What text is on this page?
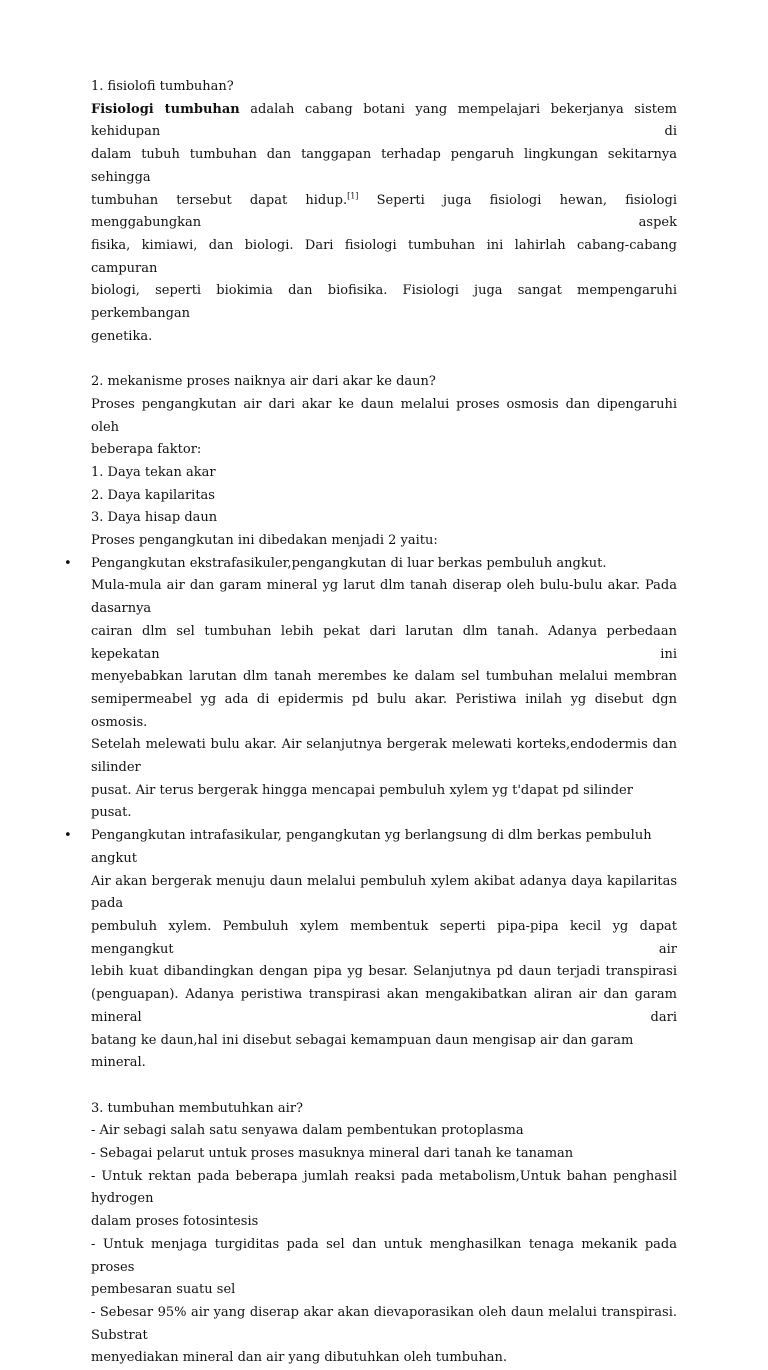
1. fisiolofi tumbuhan?

Fisiologi tumbuhan adalah cabang botani yang mempelajari bekerjanya sistem kehidupan di

dalam tubuh tumbuhan dan tanggapan terhadap pengaruh lingkungan sekitarnya sehingga

tumbuhan tersebut dapat hidup.[1] Seperti juga fisiologi hewan, fisiologi menggabungkan aspek

fisika, kimiawi, dan biologi. Dari fisiologi tumbuhan ini lahirlah cabang-cabang campuran

biologi, seperti biokimia dan biofisika. Fisiologi juga sangat mempengaruhi perkembangan

genetika.

2. mekanisme proses naiknya air dari akar ke daun?

Proses pengangkutan air dari akar ke daun melalui proses osmosis dan dipengaruhi oleh

beberapa faktor:

1. Daya tekan akar

2. Daya kapilaritas

3. Daya hisap daun

Proses pengangkutan ini dibedakan menjadi 2 yaitu:

• Pengangkutan ekstrafasikuler,pengangkutan di luar berkas pembuluh angkut.

Mula-mula air dan garam mineral yg larut dlm tanah diserap oleh bulu-bulu akar. Pada dasarnya

cairan dlm sel tumbuhan lebih pekat dari larutan dlm tanah. Adanya perbedaan kepekatan ini

menyebabkan larutan dlm tanah merembes ke dalam sel tumbuhan melalui membran

semipermeabel yg ada di epidermis pd bulu akar. Peristiwa inilah yg disebut dgn osmosis.

Setelah melewati bulu akar. Air selanjutnya bergerak melewati korteks,endodermis dan silinder

pusat. Air terus bergerak hingga mencapai pembuluh xylem yg t'dapat pd silinder pusat.

• Pengangkutan intrafasikular, pengangkutan yg berlangsung di dlm berkas pembuluh angkut

Air akan bergerak menuju daun melalui pembuluh xylem akibat adanya daya kapilaritas pada

pembuluh xylem. Pembuluh xylem membentuk seperti pipa-pipa kecil yg dapat mengangkut air

lebih kuat dibandingkan dengan pipa yg besar. Selanjutnya pd daun terjadi transpirasi

(penguapan). Adanya peristiwa transpirasi akan mengakibatkan aliran air dan garam mineral dari

batang ke daun,hal ini disebut sebagai kemampuan daun mengisap air dan garam mineral.

3. tumbuhan membutuhkan air?

- Air sebagi salah satu senyawa dalam pembentukan protoplasma

- Sebagai pelarut untuk proses masuknya mineral dari tanah ke tanaman

- Untuk rektan pada beberapa jumlah reaksi pada metabolism,Untuk bahan penghasil hydrogen

dalam proses fotosintesis

- Untuk menjaga turgiditas pada sel dan untuk menghasilkan tenaga mekanik pada proses

pembesaran suatu sel

- Sebesar 95% air yang diserap akar akan dievaporasikan oleh daun melalui transpirasi. Substrat

menyediakan mineral dan air yang dibutuhkan oleh tumbuhan.
